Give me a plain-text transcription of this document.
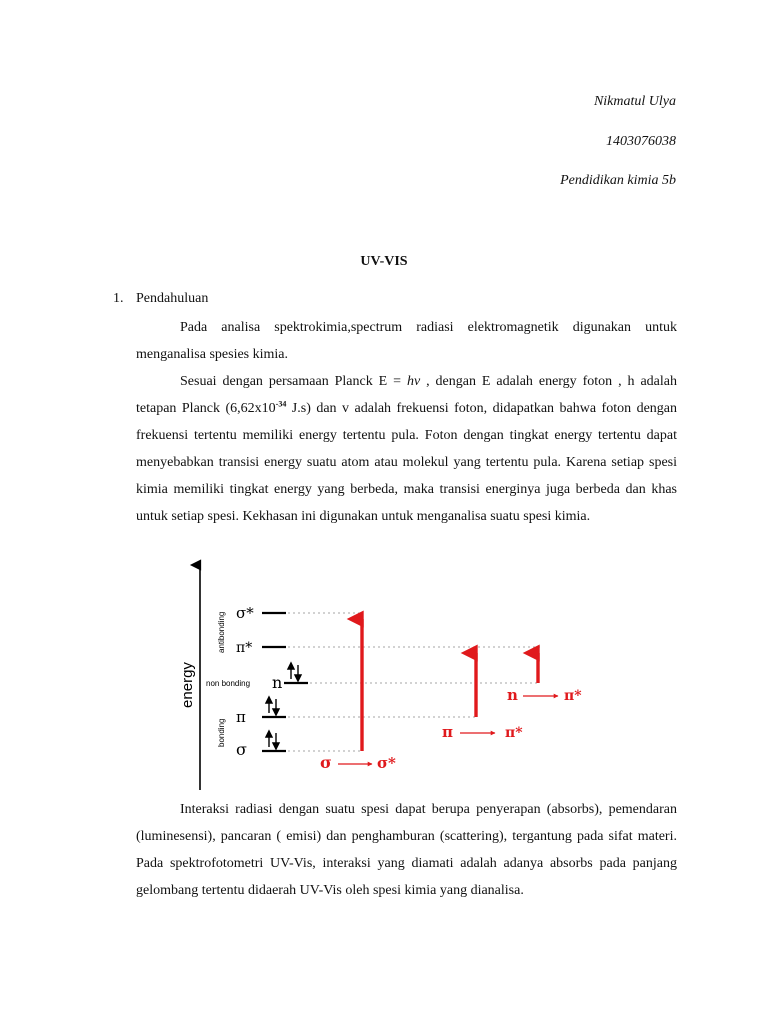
Nikmatul Ulya
1403076038
Pendidikan kimia 5b
UV-VIS
1. Pendahuluan

Pada analisa spektrokimia,spectrum radiasi elektromagnetik digunakan untuk menganalisa spesies kimia.

Sesuai dengan persamaan Planck E = hν , dengan E adalah energy foton , h adalah tetapan Planck ($6,62x10^{-34}$ J.s) dan v adalah frekuensi foton, didapatkan bahwa foton dengan frekuensi tertentu memiliki energy tertentu pula. Foton dengan tingkat energy tertentu dapat menyebabkan transisi energy suatu atom atau molekul yang tertentu pula. Karena setiap spesi kimia memiliki tingkat energy yang berbeda, maka transisi energinya juga berbeda dan khas untuk setiap spesi. Kekhasan ini digunakan untuk menganalisa suatu spesi kimia.

energy
antibonding
non bonding
bonding
σ*
π*
n
π
σ
σ	σ*
π	π*
n	π*

Interaksi radiasi dengan suatu spesi dapat berupa penyerapan (absorbs), pemendaran (luminesensi), pancaran ( emisi) dan penghamburan (scattering), tergantung pada sifat materi. Pada spektrofotometri UV-Vis, interaksi yang diamati adalah adanya absorbs pada panjang gelombang tertentu didaerah UV-Vis oleh spesi kimia yang dianalisa.
